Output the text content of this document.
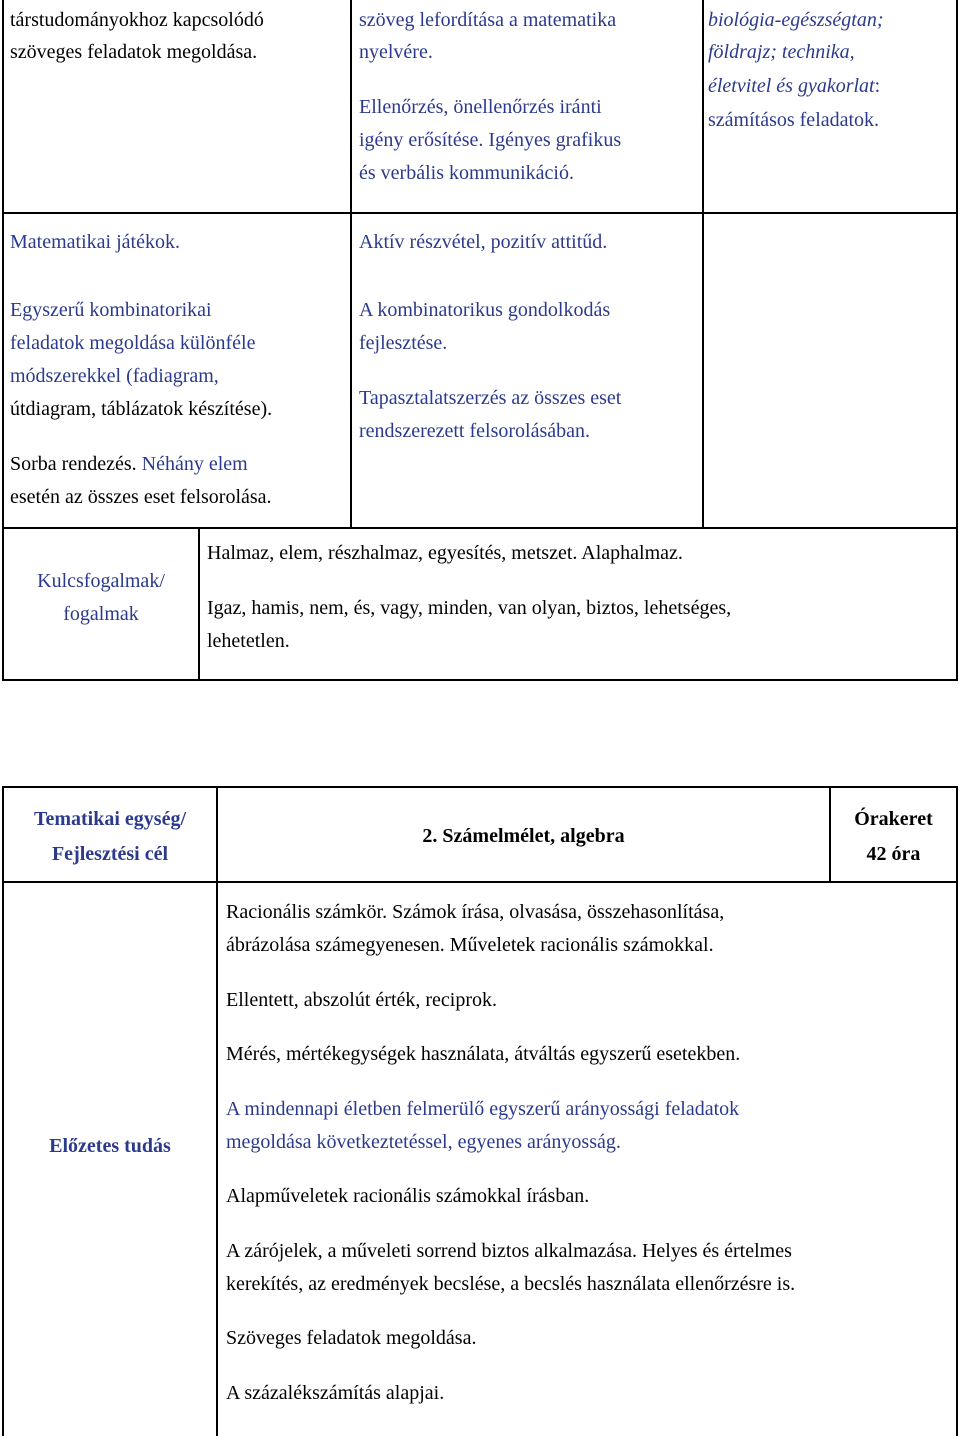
társtudományokhoz kapcsolódó
szöveges feladatok megoldása.
szöveg lefordítása a matematika
nyelvére.
Ellenőrzés, önellenőrzés iránti
igény erősítése. Igényes grafikus
és verbális kommunikáció.
biológia-egészségtan;
földrajz; technika,
életvitel és gyakorlat:
számításos feladatok.
Matematikai játékok.	Aktív részvétel, pozitív attitűd.
Egyszerű kombinatorikai
feladatok megoldása különféle
módszerekkel (fadiagram,
útdiagram, táblázatok készítése).
Sorba rendezés. Néhány elem
esetén az összes eset felsorolása.
A kombinatorikus gondolkodás
fejlesztése.
Tapasztalatszerzés az összes eset
rendszerezett felsorolásában.
Kulcsfogalmak/
fogalmak
Halmaz, elem, részhalmaz, egyesítés, metszet. Alaphalmaz.
Igaz, hamis, nem, és, vagy, minden, van olyan, biztos, lehetséges,
lehetetlen.
Tematikai egység/
Fejlesztési cél
2. Számelmélet, algebra
Órakeret
42 óra
Előzetes tudás
Racionális számkör. Számok írása, olvasása, összehasonlítása,
ábrázolása számegyenesen. Műveletek racionális számokkal.
Ellentett, abszolút érték, reciprok.
Mérés, mértékegységek használata, átváltás egyszerű esetekben.
A mindennapi életben felmerülő egyszerű arányossági feladatok
megoldása következtetéssel, egyenes arányosság.
Alapműveletek racionális számokkal írásban.
A zárójelek, a műveleti sorrend biztos alkalmazása. Helyes és értelmes
kerekítés, az eredmények becslése, a becslés használata ellenőrzésre is.
Szöveges feladatok megoldása.
A százalékszámítás alapjai.
